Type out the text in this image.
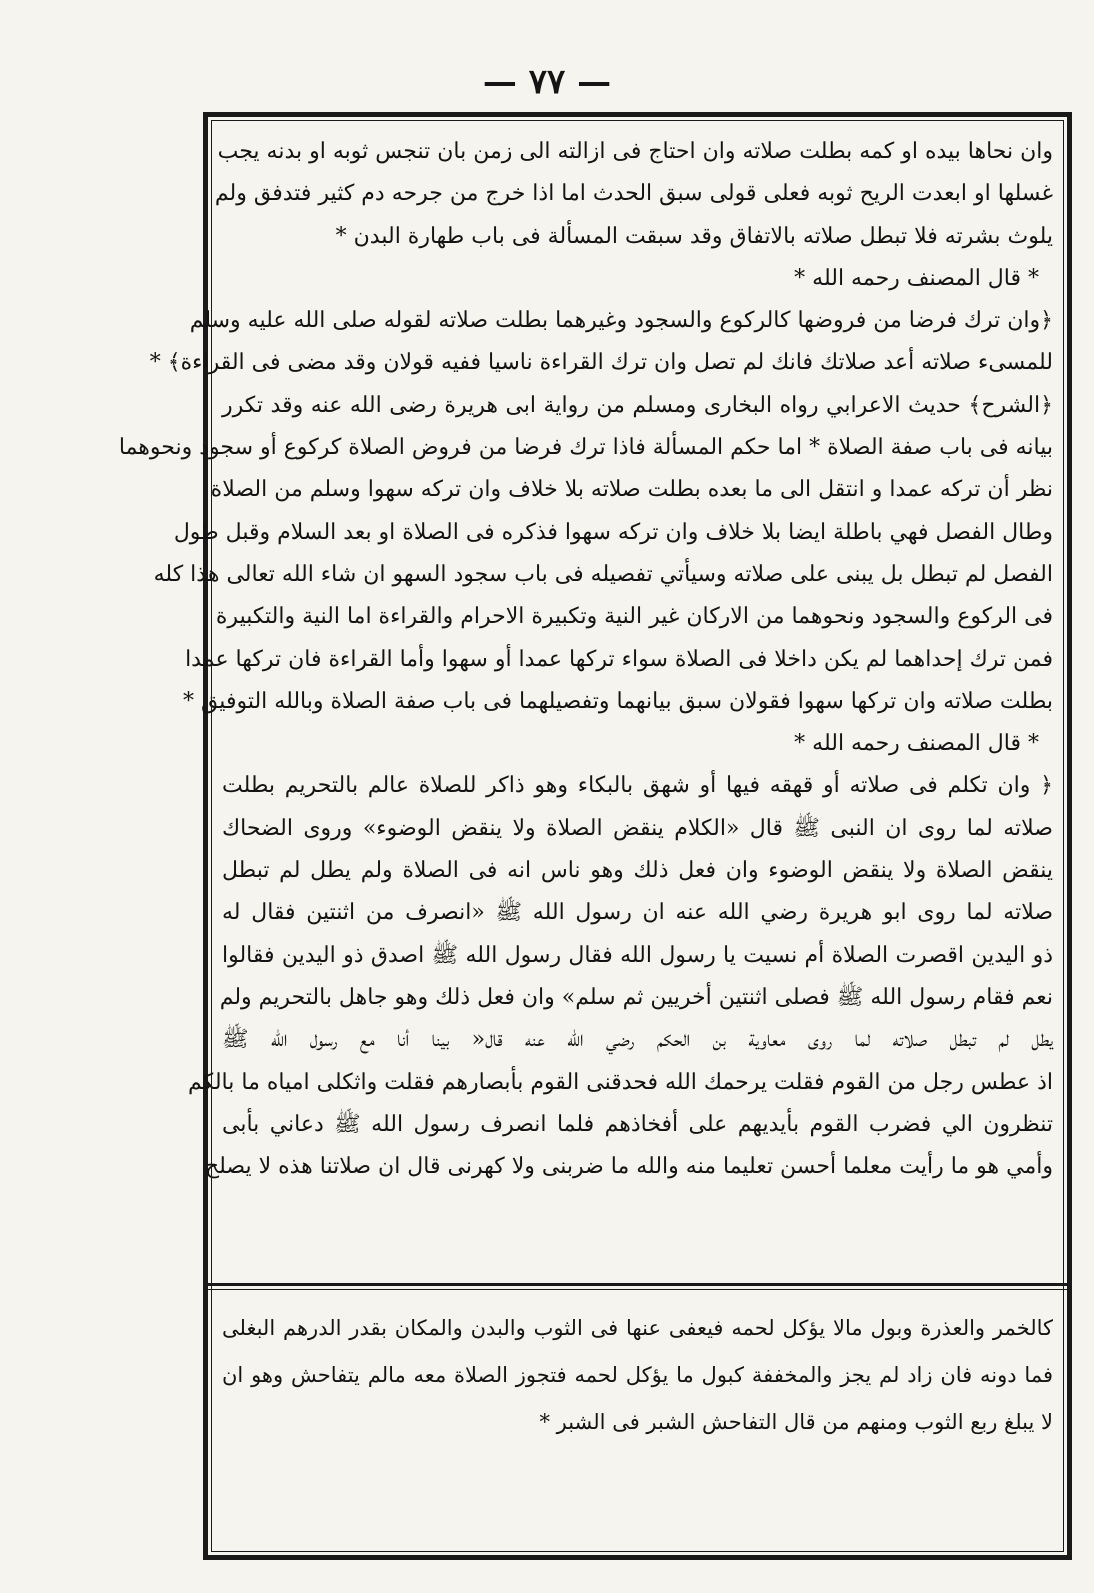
— ٧٧ —
وان نحاها بيده او كمه بطلت صلاته وان احتاج فى ازالته الى زمن بان تنجس ثوبه او بدنه يجب
غسلها او ابعدت الريح ثوبه فعلى قولى سبق الحدث اما اذا خرج من جرحه دم كثير فتدفق ولم
يلوث بشرته فلا تبطل صلاته بالاتفاق وقد سبقت المسألة فى باب طهارة البدن *
* قال المصنف رحمه الله *
﴿وان ترك فرضا من فروضها كالركوع والسجود وغيرهما بطلت صلاته لقوله صلى الله عليه وسلم
للمسىء صلاته أعد صلاتك فانك لم تصل وان ترك القراءة ناسيا ففيه قولان وقد مضى فى القراءة﴾ *
﴿الشرح﴾ حديث الاعرابي رواه البخارى ومسلم من رواية ابى هريرة رضى الله عنه وقد تكرر
بيانه فى باب صفة الصلاة * اما حكم المسألة فاذا ترك فرضا من فروض الصلاة كركوع أو سجود ونحوهما
نظر أن تركه عمدا و انتقل الى ما بعده بطلت صلاته بلا خلاف وان تركه سهوا وسلم من الصلاة
وطال الفصل فهي باطلة ايضا بلا خلاف وان تركه سهوا فذكره فى الصلاة او بعد السلام وقبل طول
الفصل لم تبطل بل يبنى على صلاته وسيأتي تفصيله فى باب سجود السهو ان شاء الله تعالى هذا كله
فى الركوع والسجود ونحوهما من الاركان غير النية وتكبيرة الاحرام والقراءة اما النية والتكبيرة
فمن ترك إحداهما لم يكن داخلا فى الصلاة سواء تركها عمدا أو سهوا وأما القراءة فان تركها عمدا
بطلت صلاته وان تركها سهوا فقولان سبق بيانهما وتفصيلهما فى باب صفة الصلاة وبالله التوفيق *
* قال المصنف رحمه الله *
﴿ وان تكلم فى صلاته أو قهقه فيها أو شهق بالبكاء وهو ذاكر للصلاة عالم بالتحريم بطلت
صلاته لما روى ان النبى ﷺ قال «الكلام ينقض الصلاة ولا ينقض الوضوء» وروى الضحاك
ينقض الصلاة ولا ينقض الوضوء وان فعل ذلك وهو ناس انه فى الصلاة ولم يطل لم تبطل
صلاته لما روى ابو هريرة رضي الله عنه ان رسول الله ﷺ «انصرف من اثنتين فقال له
ذو اليدين اقصرت الصلاة أم نسيت يا رسول الله فقال رسول الله ﷺ اصدق ذو اليدين فقالوا
نعم فقام رسول الله ﷺ فصلى اثنتين أخريين ثم سلم» وان فعل ذلك وهو جاهل بالتحريم ولم
يطل لم تبطل صلاته لما روى معاوية بن الحكم رضي الله عنه قال« بينا أنا مع رسول الله ﷺ
اذ عطس رجل من القوم فقلت يرحمك الله فحدقنى القوم بأبصارهم فقلت واثكلى امياه ما بالكم
تنظرون الي فضرب القوم بأيديهم على أفخاذهم فلما انصرف رسول الله ﷺ دعاني بأبى
وأمي هو ما رأيت معلما أحسن تعليما منه والله ما ضربنى ولا كهرنى قال ان صلاتنا هذه لا يصلح
كالخمر والعذرة وبول مالا يؤكل لحمه فيعفى عنها فى الثوب والبدن والمكان بقدر الدرهم البغلى
فما دونه فان زاد لم يجز والمخففة كبول ما يؤكل لحمه فتجوز الصلاة معه مالم يتفاحش وهو ان
لا يبلغ ربع الثوب ومنهم من قال التفاحش الشبر فى الشبر *
